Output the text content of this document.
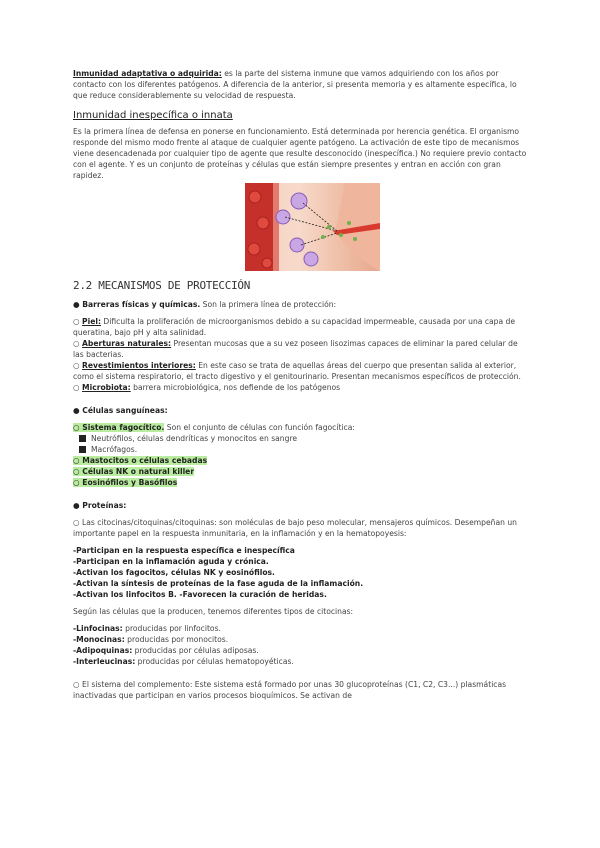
Inmunidad adaptativa o adquirida: es la parte del sistema inmune que vamos adquiriendo con los años por contacto con los diferentes patógenos. A diferencia de la anterior, si presenta memoria y es altamente específica, lo que reduce considerablemente su velocidad de respuesta.

Inmunidad inespecífica o innata

Es la primera línea de defensa en ponerse en funcionamiento. Está determinada por herencia genética. El organismo responde del mismo modo frente al ataque de cualquier agente patógeno. La activación de este tipo de mecanismos viene desencadenada por cualquier tipo de agente que resulte desconocido (inespecífica.) No requiere previo contacto con el agente. Y es un conjunto de proteínas y células que están siempre presentes y entran en acción con gran rapidez.

2.2 MECANISMOS DE PROTECCIÓN

● Barreras físicas y químicas. Son la primera línea de protección:

○ Piel: Dificulta la proliferación de microorganismos debido a su capacidad impermeable, causada por una capa de queratina, bajo pH y alta salinidad.

○ Aberturas naturales: Presentan mucosas que a su vez poseen lisozimas capaces de eliminar la pared celular de las bacterias.

○ Revestimientos interiores: En este caso se trata de aquellas áreas del cuerpo que presentan salida al exterior, como el sistema respiratorio, el tracto digestivo y el genitourinario. Presentan mecanismos específicos de protección.

○ Microbiota: barrera microbiológica, nos defiende de los patógenos

● Células sanguíneas:

○ Sistema fagocítico. Son el conjunto de células con función fagocítica:

Neutrófilos, células dendríticas y monocitos en sangre

Macrófagos.

○ Mastocitos o células cebadas

○ Células NK o natural killer

○ Eosinófilos y Basófilos

● Proteínas:

○ Las citocinas/citoquinas/citoquinas: son moléculas de bajo peso molecular, mensajeros químicos. Desempeñan un importante papel en la respuesta inmunitaria, en la inflamación y en la hematopoyesis:

-Participan en la respuesta específica e inespecífica

-Participan en la inflamación aguda y crónica.

-Activan los fagocitos, células NK y eosinófilos.

-Activan la síntesis de proteínas de la fase aguda de la inflamación.

-Activan los linfocitos B. -Favorecen la curación de heridas.

Según las células que la producen, tenemos diferentes tipos de citocinas:

-Linfocinas: producidas por linfocitos.

-Monocinas: producidas por monocitos.

-Adipoquinas: producidas por células adiposas.

-Interleucinas: producidas por células hematopoyéticas.

○ El sistema del complemento: Este sistema está formado por unas 30 glucoproteínas (C1, C2, C3...) plasmáticas inactivadas que participan en varios procesos bioquímicos. Se activan de
